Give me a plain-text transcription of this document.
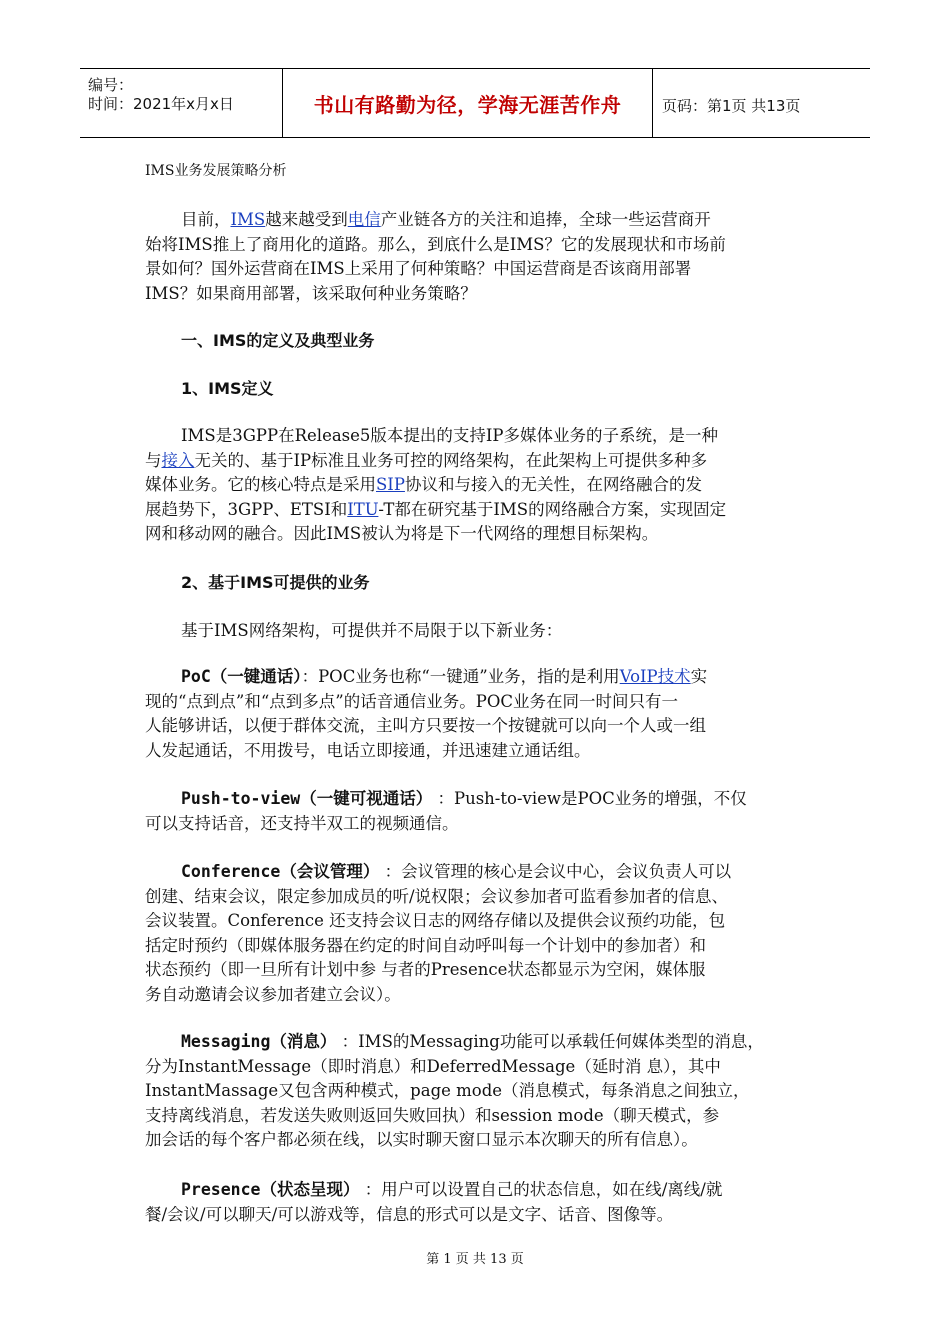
编号：
时间：2021年x月x日	书山有路勤为径，学海无涯苦作舟	页码：第1页 共13页
IMS业务发展策略分析
目前，IMS越来越受到电信产业链各方的关注和追捧，全球一些运营商开
始将IMS推上了商用化的道路。那么，到底什么是IMS？它的发展现状和市场前
景如何？国外运营商在IMS上采用了何种策略？中国运营商是否该商用部署
IMS？如果商用部署，该采取何种业务策略？
一、IMS的定义及典型业务
1、IMS定义
IMS是3GPP在Release5版本提出的支持IP多媒体业务的子系统，是一种
与接入无关的、基于IP标准且业务可控的网络架构，在此架构上可提供多种多
媒体业务。它的核心特点是采用SIP协议和与接入的无关性，在网络融合的发
展趋势下，3GPP、ETSI和ITU-T都在研究基于IMS的网络融合方案，实现固定
网和移动网的融合。因此IMS被认为将是下一代网络的理想目标架构。
2、基于IMS可提供的业务
基于IMS网络架构，可提供并不局限于以下新业务：
PoC（一键通话）：POC业务也称“一键通”业务，指的是利用VoIP技术实
现的“点到点”和“点到多点”的话音通信业务。POC业务在同一时间只有一
人能够讲话，以便于群体交流，主叫方只要按一个按键就可以向一个人或一组
人发起通话，不用拨号，电话立即接通，并迅速建立通话组。
Push-to-view（一键可视通话） ：Push-to-view是POC业务的增强，不仅
可以支持话音，还支持半双工的视频通信。
Conference（会议管理） ：会议管理的核心是会议中心，会议负责人可以
创建、结束会议，限定参加成员的听/说权限；会议参加者可监看参加者的信息、
会议装置。Conference 还支持会议日志的网络存储以及提供会议预约功能，包
括定时预约（即媒体服务器在约定的时间自动呼叫每一个计划中的参加者）和
状态预约（即一旦所有计划中参 与者的Presence状态都显示为空闲，媒体服
务自动邀请会议参加者建立会议）。
Messaging（消息） ：IMS的Messaging功能可以承载任何媒体类型的消息，
分为InstantMessage（即时消息）和DeferredMessage（延时消 息），其中
InstantMassage又包含两种模式，page mode（消息模式，每条消息之间独立，
支持离线消息，若发送失败则返回失败回执）和session mode（聊天模式，参
加会话的每个客户都必须在线，以实时聊天窗口显示本次聊天的所有信息）。
Presence（状态呈现） ：用户可以设置自己的状态信息，如在线/离线/就
餐/会议/可以聊天/可以游戏等，信息的形式可以是文字、话音、图像等。
第 1 页 共 13 页
